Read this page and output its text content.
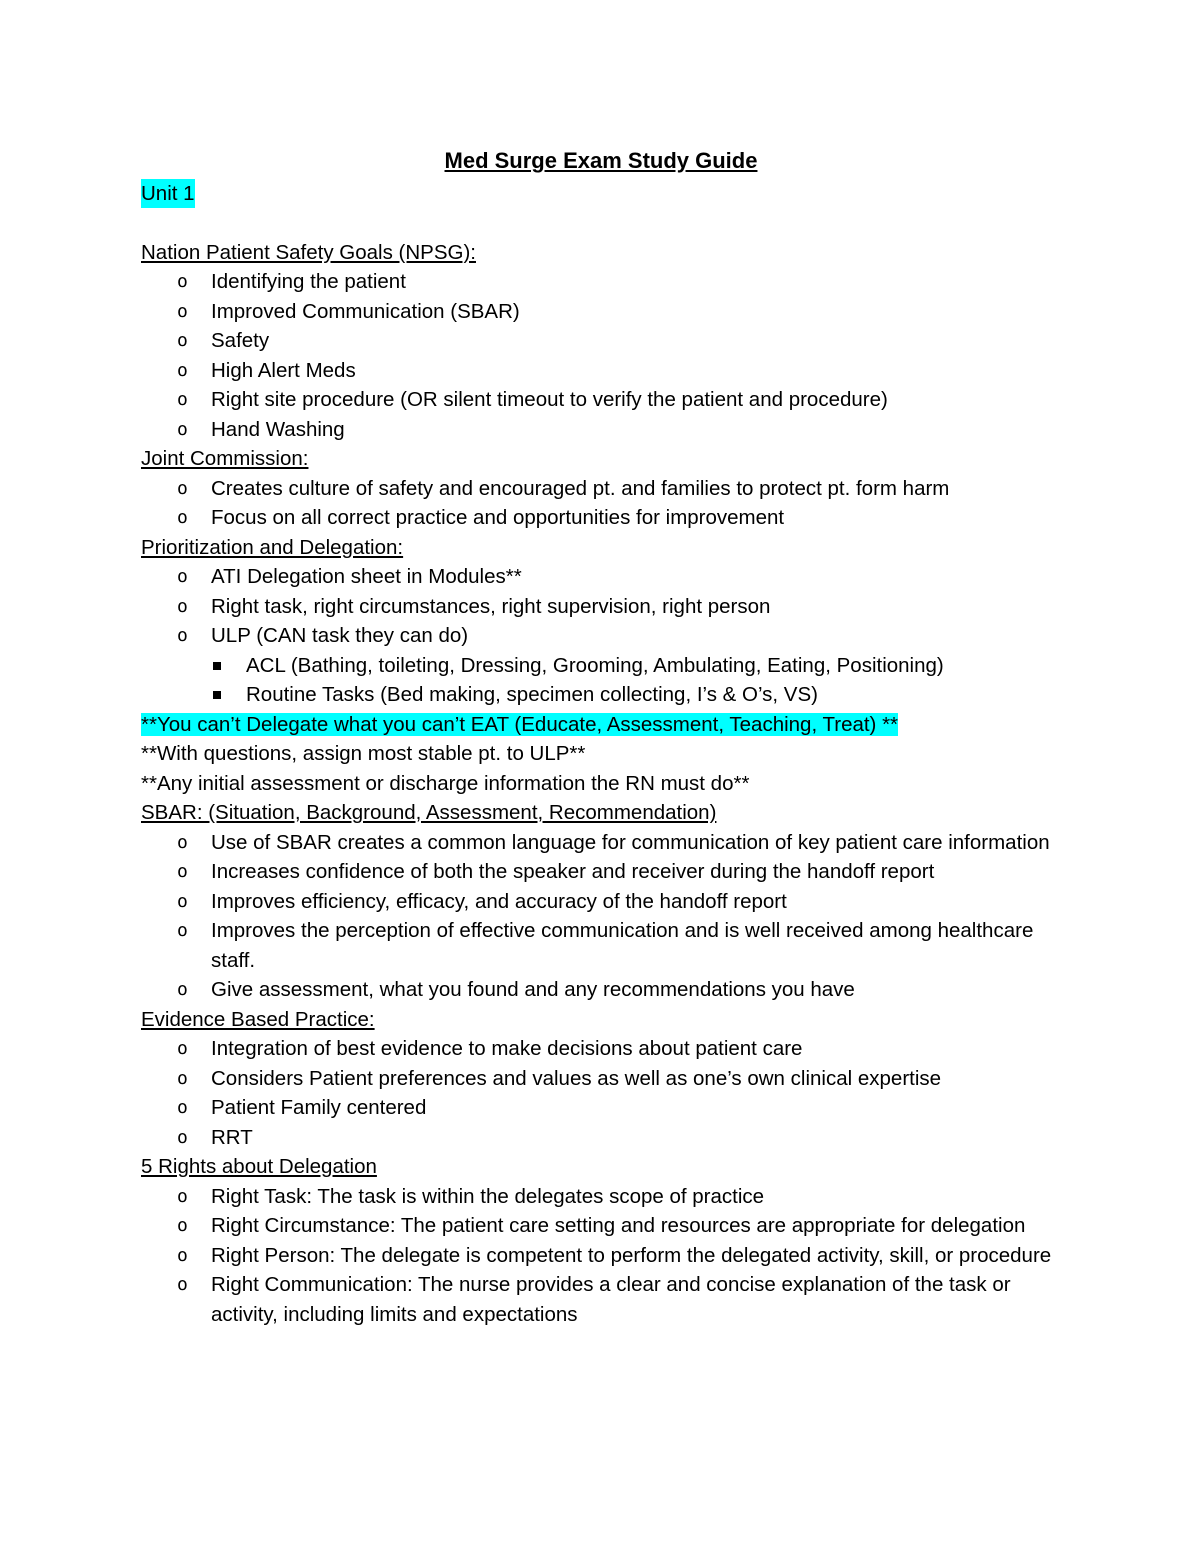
Med Surge Exam Study Guide
Unit 1
Nation Patient Safety Goals (NPSG):
o Identifying the patient
o Improved Communication (SBAR)
o Safety
o High Alert Meds
o Right site procedure (OR silent timeout to verify the patient and procedure)
o Hand Washing
Joint Commission:
o Creates culture of safety and encouraged pt. and families to protect pt. form harm
o Focus on all correct practice and opportunities for improvement
Prioritization and Delegation:
o ATI Delegation sheet in Modules**
o Right task, right circumstances, right supervision, right person
o ULP (CAN task they can do)
ACL (Bathing, toileting, Dressing, Grooming, Ambulating, Eating, Positioning)
Routine Tasks (Bed making, specimen collecting, I’s & O’s, VS)
**You can’t Delegate what you can’t EAT (Educate, Assessment, Teaching, Treat) **
**With questions, assign most stable pt. to ULP**
**Any initial assessment or discharge information the RN must do**
SBAR: (Situation, Background, Assessment, Recommendation)
o Use of SBAR creates a common language for communication of key patient care information
o Increases confidence of both the speaker and receiver during the handoff report
o Improves efficiency, efficacy, and accuracy of the handoff report
o Improves the perception of effective communication and is well received among healthcare staff.
o Give assessment, what you found and any recommendations you have
Evidence Based Practice:
o Integration of best evidence to make decisions about patient care
o Considers Patient preferences and values as well as one’s own clinical expertise
o Patient Family centered
o RRT
5 Rights about Delegation
o Right Task: The task is within the delegates scope of practice
o Right Circumstance: The patient care setting and resources are appropriate for delegation
o Right Person: The delegate is competent to perform the delegated activity, skill, or procedure
o Right Communication: The nurse provides a clear and concise explanation of the task or activity, including limits and expectations
